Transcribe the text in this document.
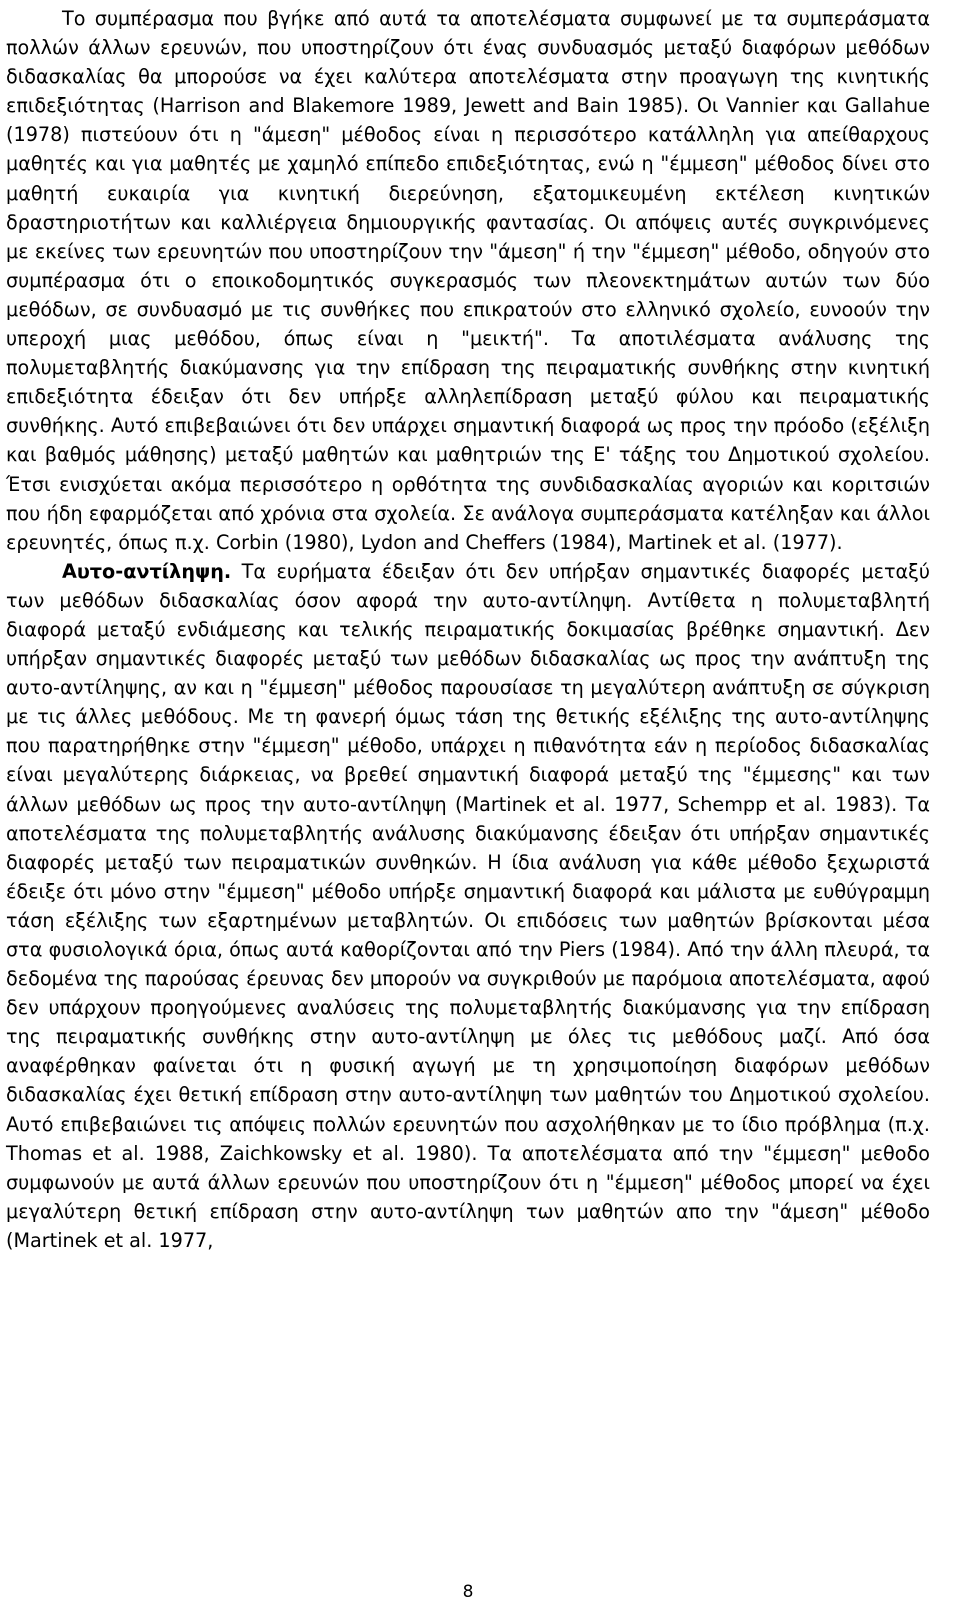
Το συμπέρασμα που βγήκε από αυτά τα αποτελέσματα συμφωνεί με τα συμπεράσματα πολλών άλλων ερευνών, που υποστηρίζουν ότι ένας συνδυασμός μεταξύ διαφόρων μεθόδων διδασκαλίας θα μπορούσε να έχει καλύτερα αποτελέσματα στην προαγωγη της κινητικής επιδεξιότητας (Harrison and Blakemore 1989, Jewett and Bain 1985). Οι Vannier και Gallahue (1978) πιστεύουν ότι η "άμεση" μέθοδος είναι η περισσότερο κατάλληλη για απείθαρχους μαθητές και για μαθητές με χαμηλό επίπεδο επιδεξιότητας, ενώ η "έμμεση" μέθοδος δίνει στο μαθητή ευκαιρία για κινητική διερεύνηση, εξατομικευμένη εκτέλεση κινητικών δραστηριοτήτων και καλλιέργεια δημιουργικής φαντασίας. Οι απόψεις αυτές συγκρινόμενες με εκείνες των ερευνητών που υποστηρίζουν την "άμεση" ή την "έμμεση" μέθοδο, οδηγούν στο συμπέρασμα ότι ο εποικοδομητικός συγκερασμός των πλεονεκτημάτων αυτών των δύο μεθόδων, σε συνδυασμό με τις συνθήκες που επικρατούν στο ελληνικό σχολείο, ευνοούν την υπεροχή μιας μεθόδου, όπως είναι η "μεικτή". Τα αποτιλέσματα ανάλυσης της πολυμεταβλητής διακύμανσης για την επίδραση της πειραματικής συνθήκης στην κινητική επιδεξιότητα έδειξαν ότι δεν υπήρξε αλληλεπίδραση μεταξύ φύλου και πειραματικής συνθήκης. Αυτό επιβεβαιώνει ότι δεν υπάρχει σημαντική διαφορά ως προς την πρόοδο (εξέλιξη και βαθμός μάθησης) μεταξύ μαθητών και μαθητριών της Ε' τάξης του Δημοτικού σχολείου. Έτσι ενισχύεται ακόμα περισσότερο η ορθότητα της συνδιδασκαλίας αγοριών και κοριτσιών που ήδη εφαρμόζεται από χρόνια στα σχολεία. Σε ανάλογα συμπεράσματα κατέληξαν και άλλοι ερευνητές, όπως π.χ. Corbin (1980), Lydon and Cheffers (1984), Martinek et al. (1977).

Αυτο-αντίληψη. Τα ευρήματα έδειξαν ότι δεν υπήρξαν σημαντικές διαφορές μεταξύ των μεθόδων διδασκαλίας όσον αφορά την αυτο-αντίληψη. Αντίθετα η πολυμεταβλητή διαφορά μεταξύ ενδιάμεσης και τελικής πειραματικής δοκιμασίας βρέθηκε σημαντική. Δεν υπήρξαν σημαντικές διαφορές μεταξύ των μεθόδων διδασκαλίας ως προς την ανάπτυξη της αυτο-αντίληψης, αν και η "έμμεση" μέθοδος παρουσίασε τη μεγαλύτερη ανάπτυξη σε σύγκριση με τις άλλες μεθόδους. Με τη φανερή όμως τάση της θετικής εξέλιξης της αυτο-αντίληψης που παρατηρήθηκε στην "έμμεση" μέθοδο, υπάρχει η πιθανότητα εάν η περίοδος διδασκαλίας είναι μεγαλύτερης διάρκειας, να βρεθεί σημαντική διαφορά μεταξύ της "έμμεσης" και των άλλων μεθόδων ως προς την αυτο-αντίληψη (Martinek et al. 1977, Schempp et al. 1983). Τα αποτελέσματα της πολυμεταβλητής ανάλυσης διακύμανσης έδειξαν ότι υπήρξαν σημαντικές διαφορές μεταξύ των πειραματικών συνθηκών. Η ίδια ανάλυση για κάθε μέθοδο ξεχωριστά έδειξε ότι μόνο στην "έμμεση" μέθοδο υπήρξε σημαντική διαφορά και μάλιστα με ευθύγραμμη τάση εξέλιξης των εξαρτημένων μεταβλητών. Οι επιδόσεις των μαθητών βρίσκονται μέσα στα φυσιολογικά όρια, όπως αυτά καθορίζονται από την Piers (1984). Από την άλλη πλευρά, τα δεδομένα της παρούσας έρευνας δεν μπορούν να συγκριθούν με παρόμοια αποτελέσματα, αφού δεν υπάρχουν προηγούμενες αναλύσεις της πολυμεταβλητής διακύμανσης για την επίδραση της πειραματικής συνθήκης στην αυτο-αντίληψη με όλες τις μεθόδους μαζί. Από όσα αναφέρθηκαν φαίνεται ότι η φυσική αγωγή με τη χρησιμοποίηση διαφόρων μεθόδων διδασκαλίας έχει θετική επίδραση στην αυτο-αντίληψη των μαθητών του Δημοτικού σχολείου. Αυτό επιβεβαιώνει τις απόψεις πολλών ερευνητών που ασχολήθηκαν με το ίδιο πρόβλημα (π.χ. Thomas et al. 1988, Zaichkowsky et al. 1980). Τα αποτελέσματα από την "έμμεση" μεθοδο συμφωνούν με αυτά άλλων ερευνών που υποστηρίζουν ότι η "έμμεση" μέθοδος μπορεί να έχει μεγαλύτερη θετική επίδραση στην αυτο-αντίληψη των μαθητών απο την "άμεση" μέθοδο (Martinek et al. 1977,

8
